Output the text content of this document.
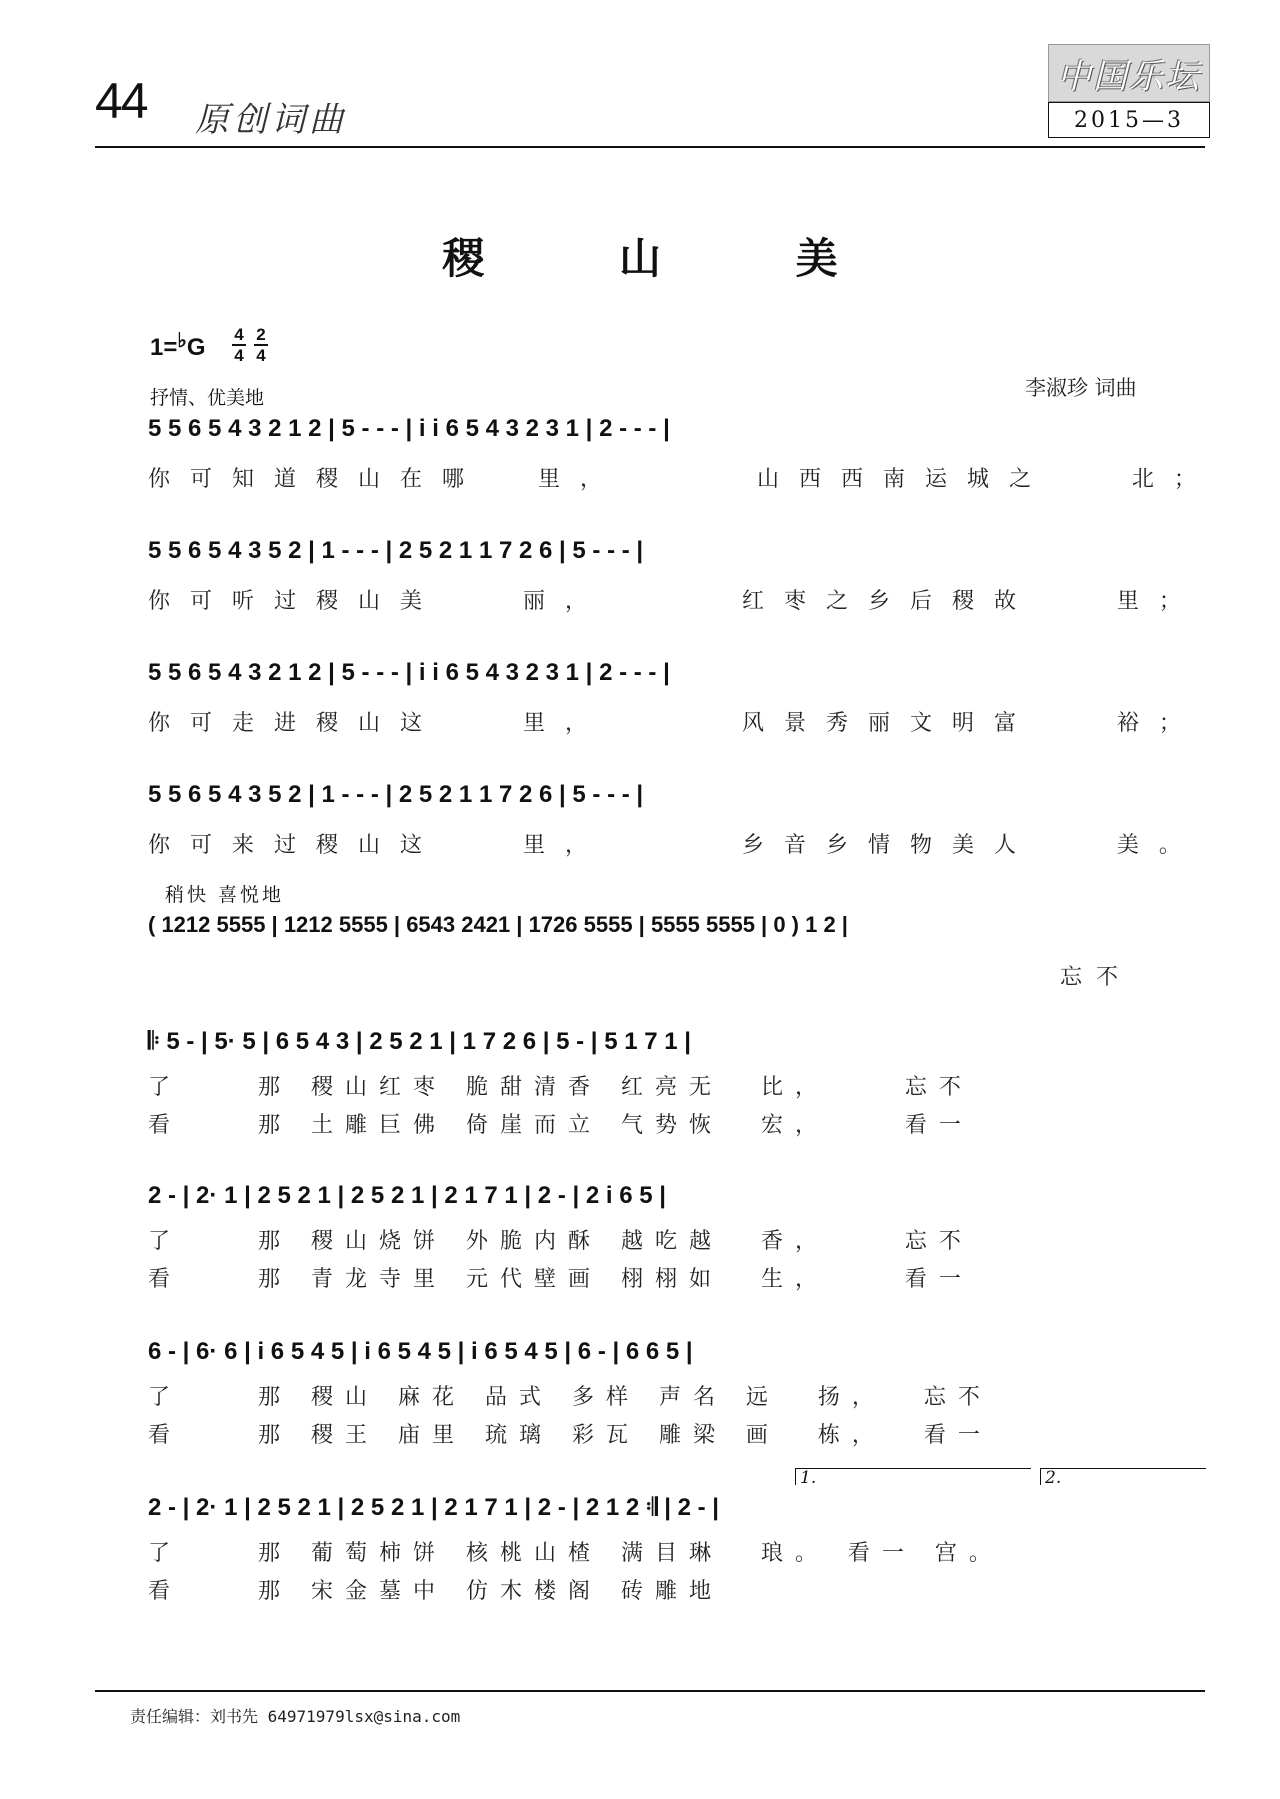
44 原创词曲
中国乐坛
2015—3
稷 山 美
$1=^♭G \frac{4}{4} \frac{2}{4}$
抒情、优美地	李淑珍 词曲
5 5 6 5 4 3 2 1 2 | 5 - - - | i i 6 5 4 3 2 3 1 | 2 - - - |
你可知道稷山在哪  里，     山西西南运城之   北；
5 5 6 5 4 3 5 2 | 1 - - - | 2 5 2 1 1 7 2 6 | 5 - - - |
你可听过稷山美   丽，     红枣之乡后稷故   里；
5 5 6 5 4 3 2 1 2 | 5 - - - | i i 6 5 4 3 2 3 1 | 2 - - - |
你可走进稷山这   里，     风景秀丽文明富   裕；
5 5 6 5 4 3 5 2 | 1 - - - | 2 5 2 1 1 7 2 6 | 5 - - - |
你可来过稷山这   里，     乡音乡情物美人   美。
稍快 喜悦地
( 1212 5555 | 1212 5555 | 6543 2421 | 1726 5555 | 5555 5555 | 0 ) 1 2 |
忘不
𝄆 5 - | 5· 5 | 6 5 4 3 | 2 5 2 1 | 1 7 2 6 | 5 - | 5 1 7 1 |
了    那 稷山红枣 脆甜清香 红亮无  比，    忘不
看    那 土雕巨佛 倚崖而立 气势恢  宏，    看一
2 - | 2· 1 | 2 5 2 1 | 2 5 2 1 | 2 1 7 1 | 2 - | 2 i 6 5 |
了    那 稷山烧饼 外脆内酥 越吃越  香，    忘不
看    那 青龙寺里 元代壁画 栩栩如  生，    看一
6 - | 6· 6 | i 6 5 4 5 | i 6 5 4 5 | i 6 5 4 5 | 6 - | 6 6 5 |
了    那 稷山 麻花 品式 多样 声名 远  扬，  忘不
看    那 稷王 庙里 琉璃 彩瓦 雕梁 画  栋，  看一
1.	2.
2 - | 2· 1 | 2 5 2 1 | 2 5 2 1 | 2 1 7 1 | 2 - | 2 1 2 𝄇 | 2 - |
了    那 葡萄柿饼 核桃山楂 满目琳  琅。 看一 宫。
看    那 宋金墓中 仿木楼阁 砖雕地
责任编辑：刘书先 64971979lsx@sina.com
